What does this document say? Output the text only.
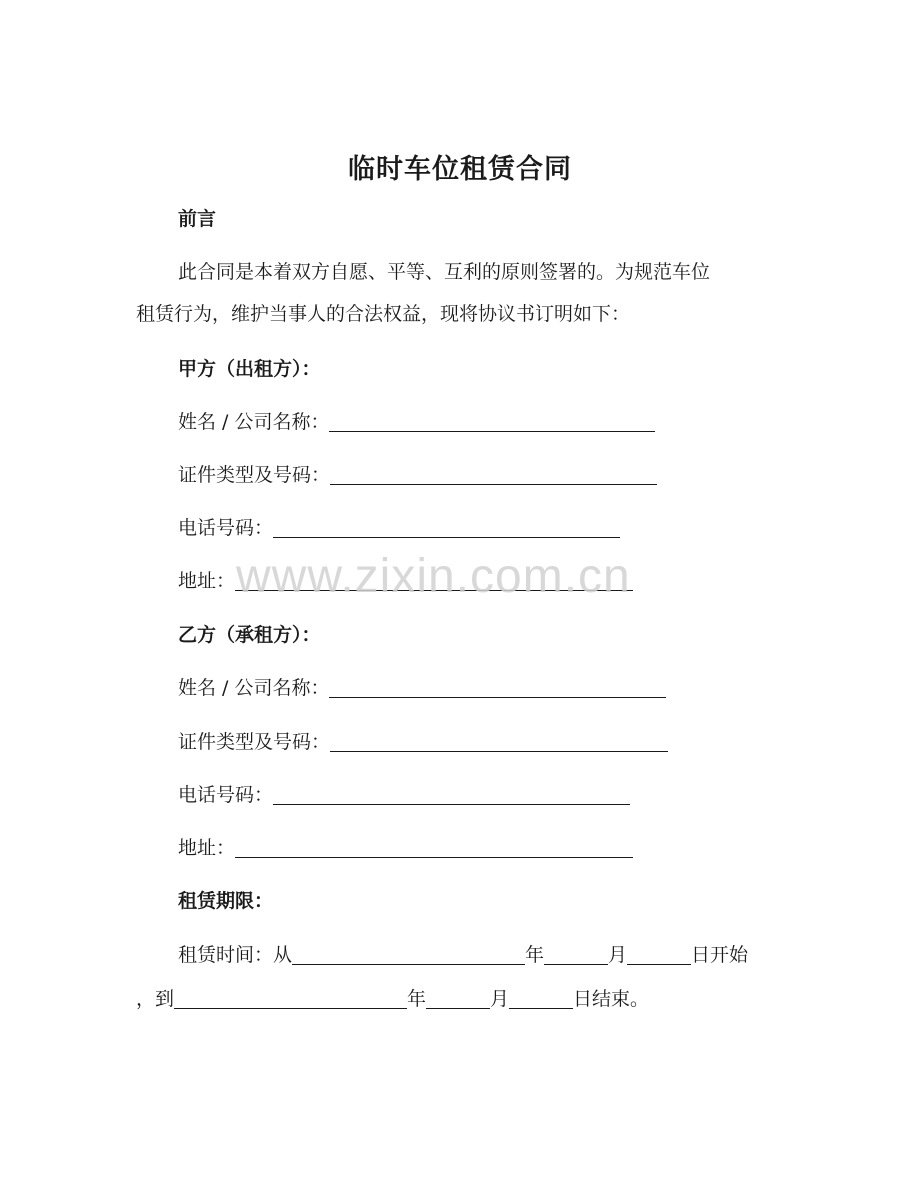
临时车位租赁合同
前言
此合同是本着双方自愿、平等、互利的原则签署的。为规范车位
租赁行为，维护当事人的合法权益，现将协议书订明如下：
甲方（出租方）：
姓名 / 公司名称：
证件类型及号码：
电话号码：
地址：
乙方（承租方）：
姓名 / 公司名称：
证件类型及号码：
电话号码：
地址：
租赁期限：
租赁时间：从	年	月	日开始
，到	年	月	日结束。
www.zixin.com.cn
